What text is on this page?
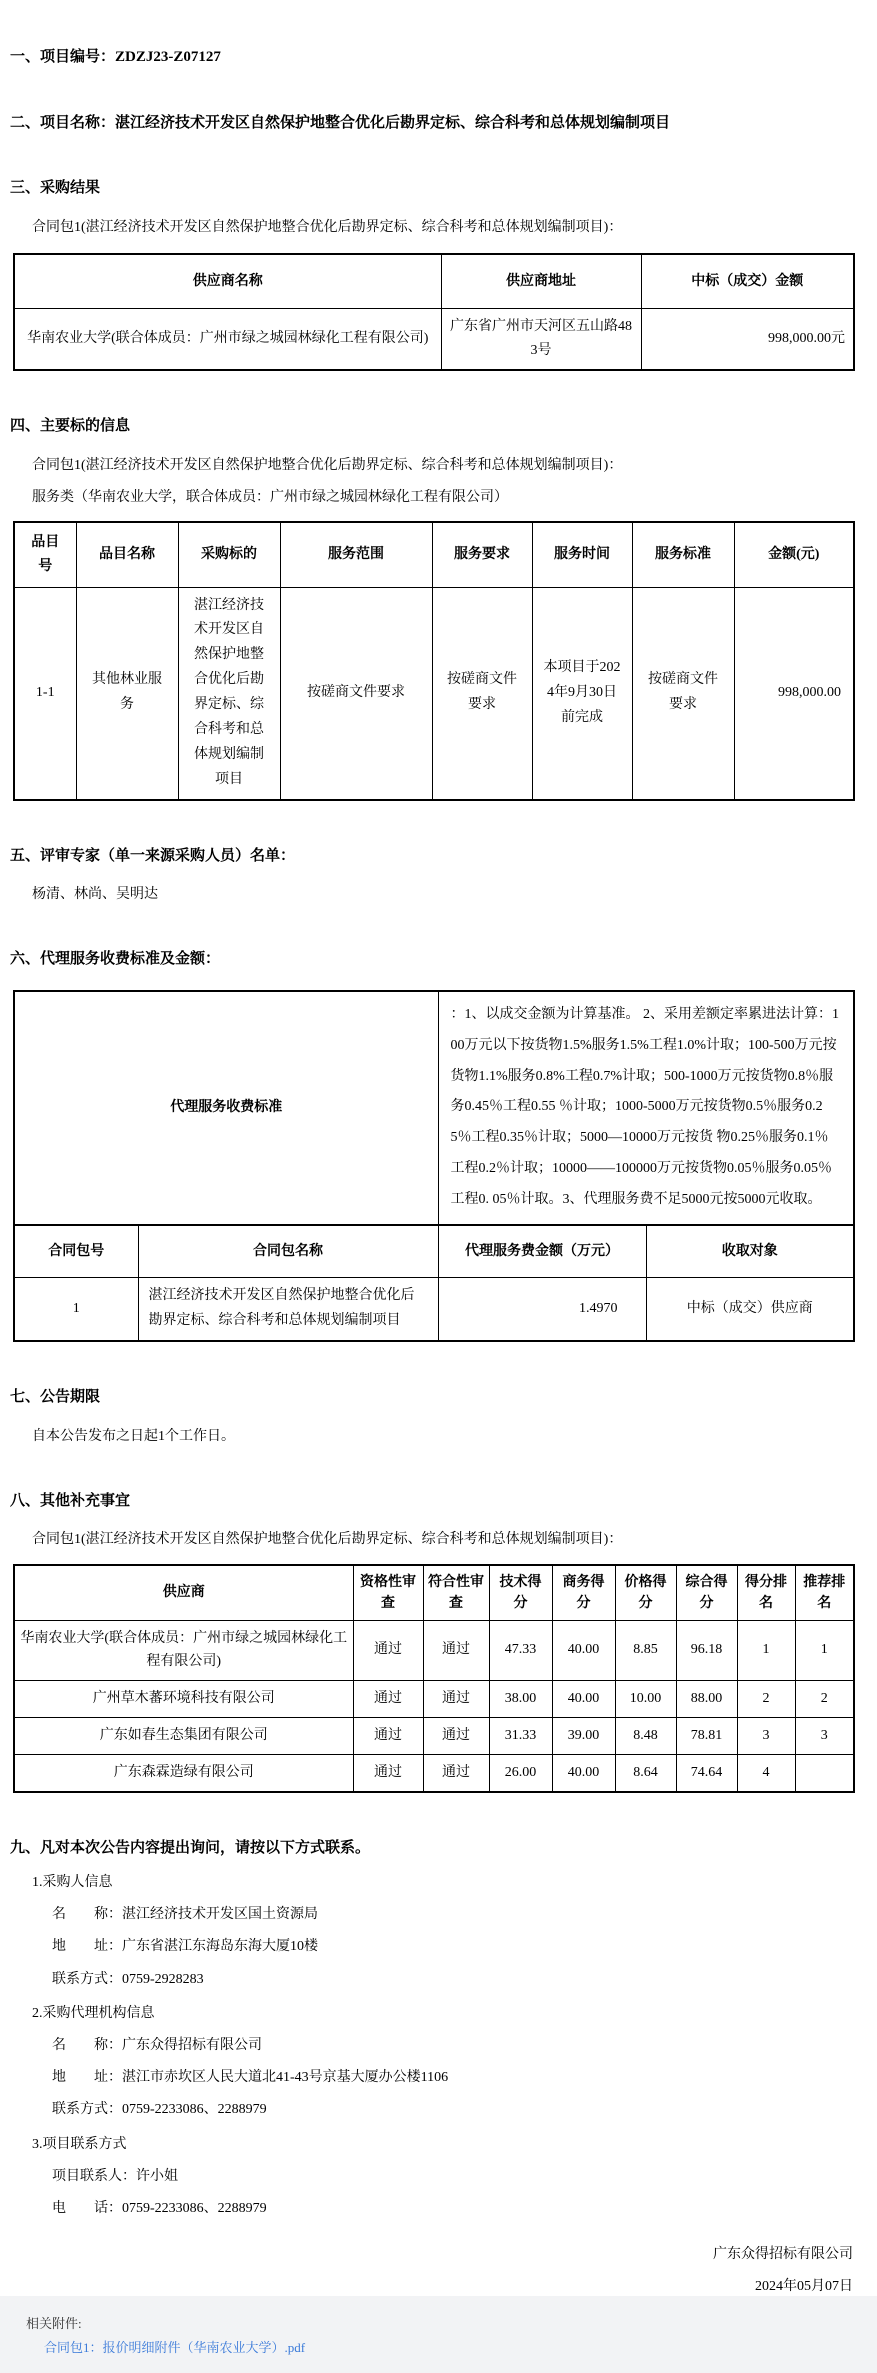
一、项目编号：ZDZJ23-Z07127
二、项目名称：湛江经济技术开发区自然保护地整合优化后勘界定标、综合科考和总体规划编制项目
三、采购结果
合同包1(湛江经济技术开发区自然保护地整合优化后勘界定标、综合科考和总体规划编制项目)：
供应商名称	供应商地址	中标（成交）金额
华南农业大学(联合体成员：广州市绿之城园林绿化工程有限公司)	广东省广州市天河区五山路483号	998,000.00元
四、主要标的信息
合同包1(湛江经济技术开发区自然保护地整合优化后勘界定标、综合科考和总体规划编制项目)：
服务类（华南农业大学，联合体成员：广州市绿之城园林绿化工程有限公司）
品目号	品目名称	采购标的	服务范围	服务要求	服务时间	服务标准	金额(元)
1-1	其他林业服务	湛江经济技术开发区自然保护地整合优化后勘界定标、综合科考和总体规划编制项目	按磋商文件要求	按磋商文件要求	本项目于2024年9月30日前完成	按磋商文件要求	998,000.00
五、评审专家（单一来源采购人员）名单：
杨清、林尚、吴明达
六、代理服务收费标准及金额：
代理服务收费标准	：1、以成交金额为计算基准。 2、采用差额定率累进法计算：100万元以下按货物1.5%服务1.5%工程1.0%计取；100-500万元按货物1.1%服务0.8%工程0.7%计取；500-1000万元按货物0.8％服务0.45％工程0.55 ％计取；1000-5000万元按货物0.5％服务0.25％工程0.35％计取；5000—10000万元按货 物0.25％服务0.1％工程0.2％计取；10000——100000万元按货物0.05％服务0.05％工程0. 05％计取。3、代理服务费不足5000元按5000元收取。
合同包号	合同包名称	代理服务费金额（万元）	收取对象
1	湛江经济技术开发区自然保护地整合优化后勘界定标、综合科考和总体规划编制项目	1.4970	中标（成交）供应商
七、公告期限
自本公告发布之日起1个工作日。
八、其他补充事宜
合同包1(湛江经济技术开发区自然保护地整合优化后勘界定标、综合科考和总体规划编制项目)：
供应商	资格性审查	符合性审查	技术得分	商务得分	价格得分	综合得分	得分排名	推荐排名
华南农业大学(联合体成员：广州市绿之城园林绿化工程有限公司)	通过	通过	47.33	40.00	8.85	96.18	1	1
广州草木蕃环境科技有限公司	通过	通过	38.00	40.00	10.00	88.00	2	2
广东如春生态集团有限公司	通过	通过	31.33	39.00	8.48	78.81	3	3
广东森霖造绿有限公司	通过	通过	26.00	40.00	8.64	74.64	4	
九、凡对本次公告内容提出询问，请按以下方式联系。
1.采购人信息
名　　称：湛江经济技术开发区国土资源局
地　　址：广东省湛江东海岛东海大厦10楼
联系方式：0759-2928283
2.采购代理机构信息
名　　称：广东众得招标有限公司
地　　址：湛江市赤坎区人民大道北41-43号京基大厦办公楼1106
联系方式：0759-2233086、2288979
3.项目联系方式
项目联系人：许小姐
电　　话：0759-2233086、2288979
广东众得招标有限公司
2024年05月07日
相关附件:
合同包1：报价明细附件（华南农业大学）.pdf
